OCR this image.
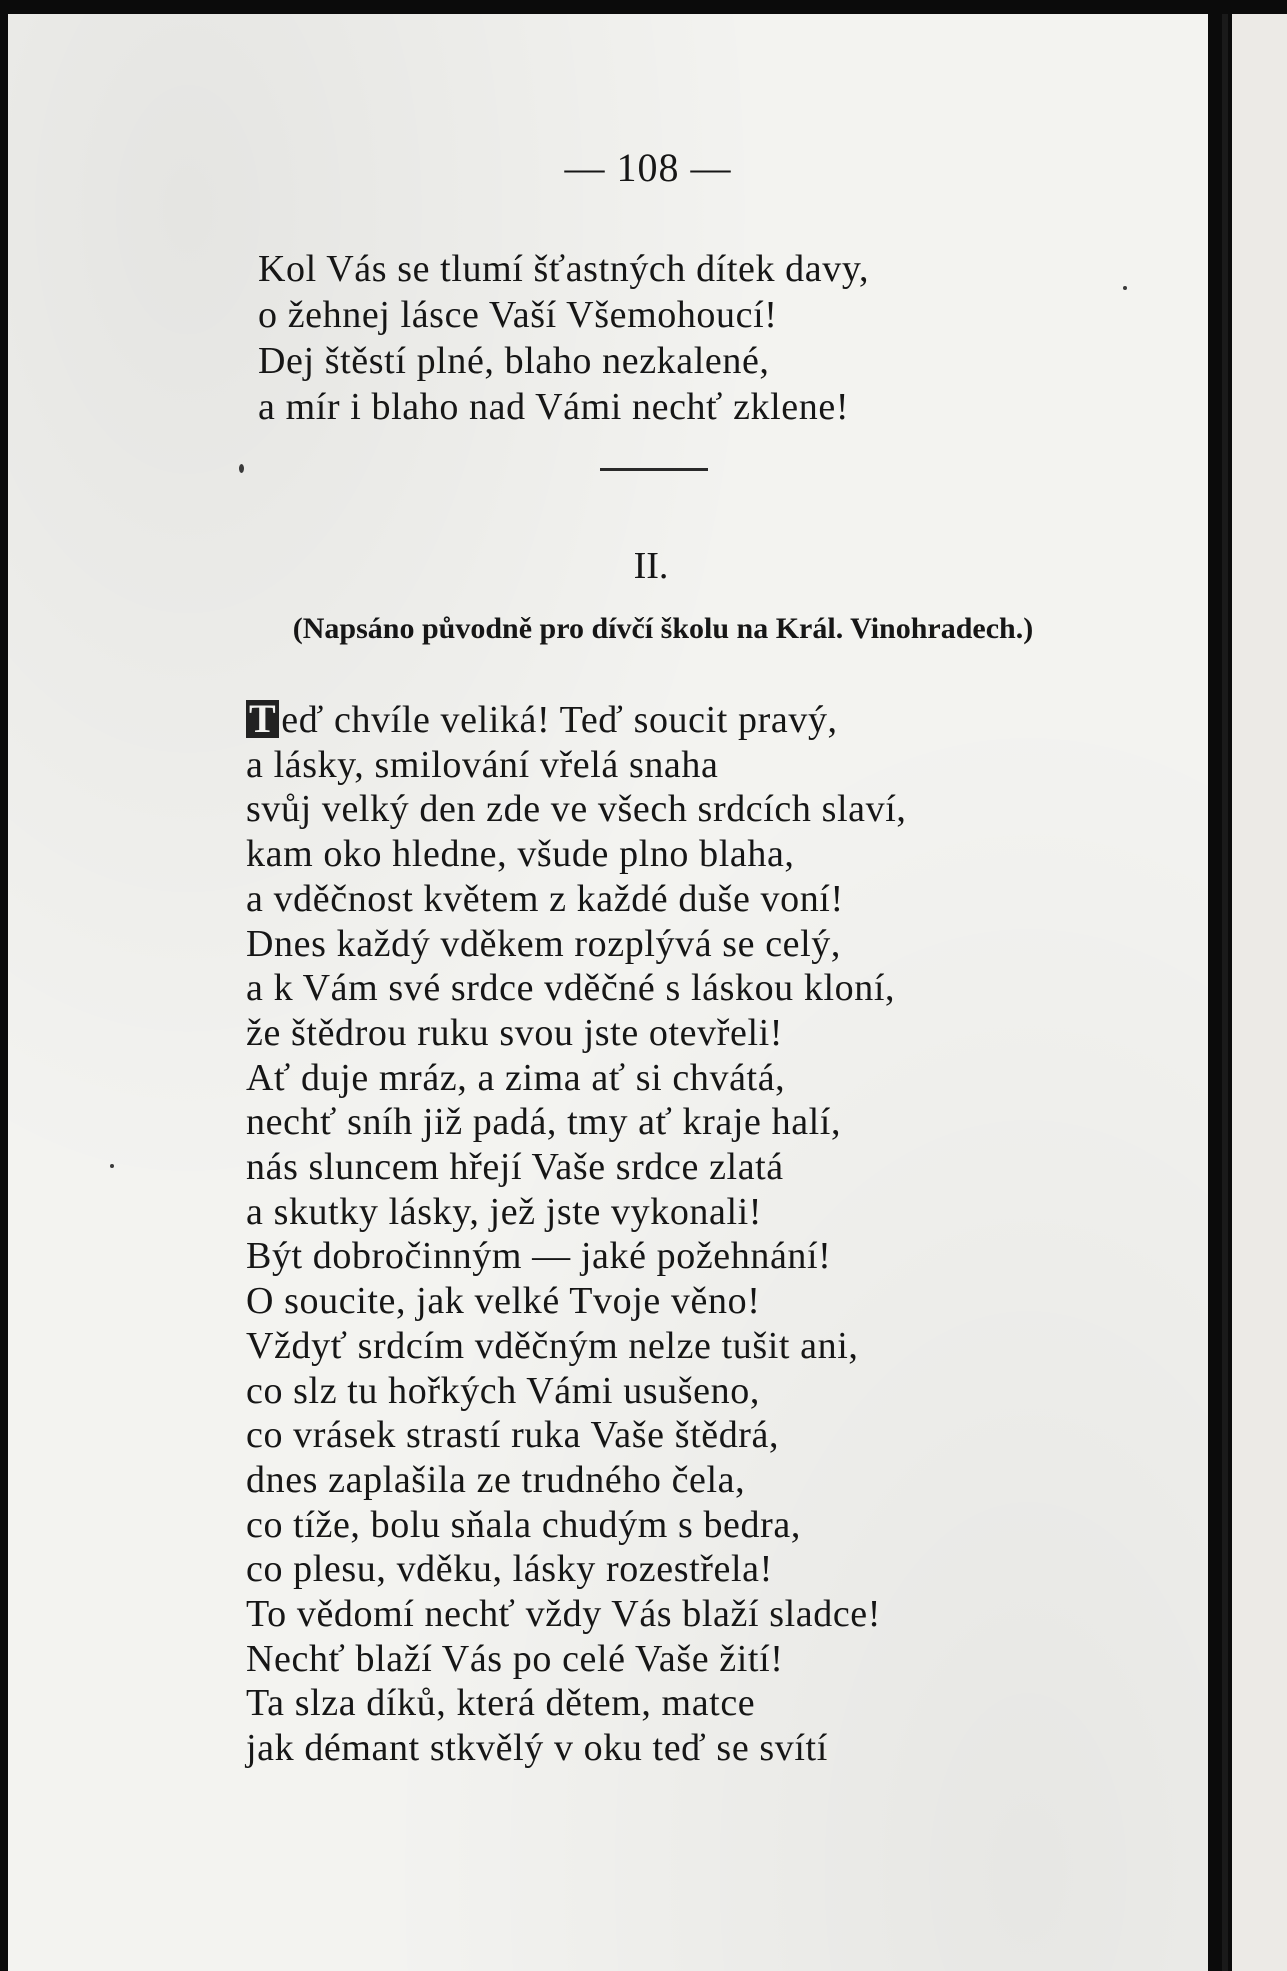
— 108 —
Kol Vás se tlumí šťastných dítek davy,
o žehnej lásce Vaší Všemohoucí!
Dej štěstí plné, blaho nezkalené,
a mír i blaho nad Vámi nechť zklene!
II.
(Napsáno původně pro dívčí školu na Král. Vinohradech.)
T eď chvíle veliká! Teď soucit pravý,
a lásky, smilování vřelá snaha
svůj velký den zde ve všech srdcích slaví,
kam oko hledne, všude plno blaha,
a vděčnost květem z každé duše voní!
Dnes každý vděkem rozplývá se celý,
a k Vám své srdce vděčné s láskou kloní,
že štědrou ruku svou jste otevřeli!
Ať duje mráz, a zima ať si chvátá,
nechť sníh již padá, tmy ať kraje halí,
nás sluncem hřejí Vaše srdce zlatá
a skutky lásky, jež jste vykonali!
Být dobročinným — jaké požehnání!
O soucite, jak velké Tvoje věno!
Vždyť srdcím vděčným nelze tušit ani,
co slz tu hořkých Vámi usušeno,
co vrásek strastí ruka Vaše štědrá,
dnes zaplašila ze trudného čela,
co tíže, bolu sňala chudým s bedra,
co plesu, vděku, lásky rozestřela!
To vědomí nechť vždy Vás blaží sladce!
Nechť blaží Vás po celé Vaše žití!
Ta slza díků, která dětem, matce
jak démant stkvělý v oku teď se svítí
